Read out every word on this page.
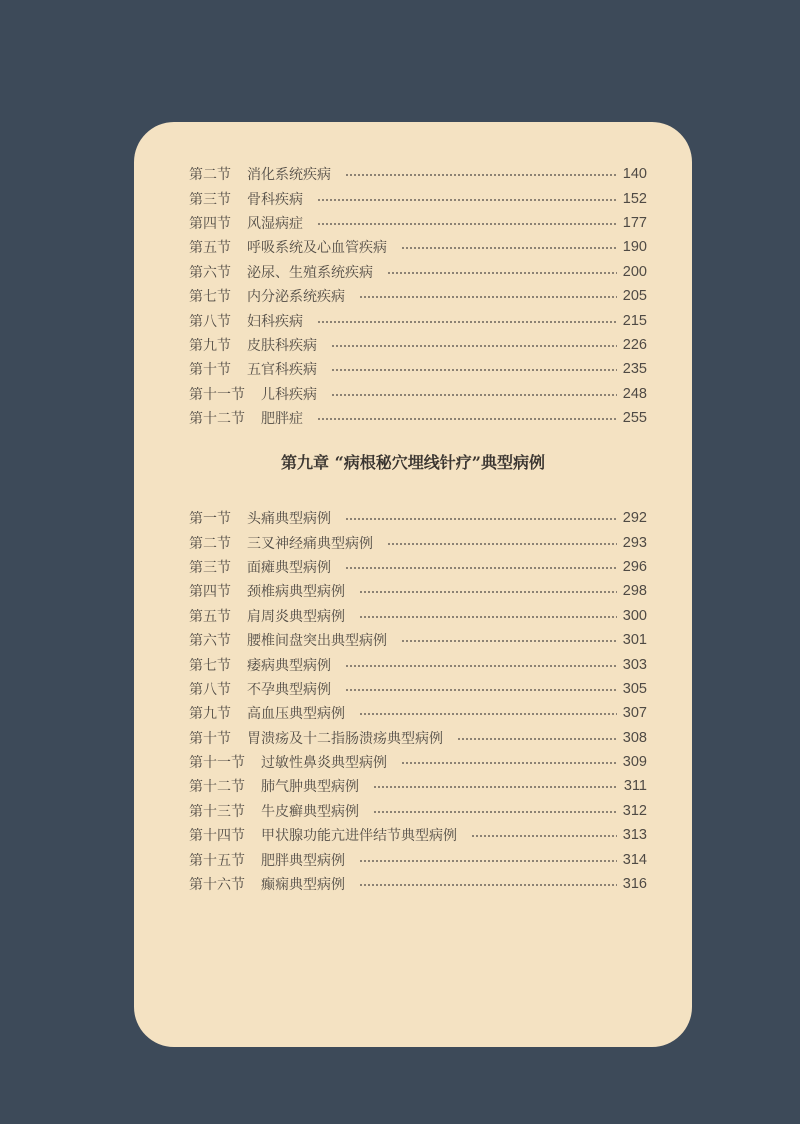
第二节 消化系统疾病	140
第三节 骨科疾病	152
第四节 风湿病症	177
第五节 呼吸系统及心血管疾病	190
第六节 泌尿、生殖系统疾病	200
第七节 内分泌系统疾病	205
第八节 妇科疾病	215
第九节 皮肤科疾病	226
第十节 五官科疾病	235
第十一节 儿科疾病	248
第十二节 肥胖症	255
第九章 “病根秘穴埋线针疗”典型病例
第一节 头痛典型病例	292
第二节 三叉神经痛典型病例	293
第三节 面瘫典型病例	296
第四节 颈椎病典型病例	298
第五节 肩周炎典型病例	300
第六节 腰椎间盘突出典型病例	301
第七节 痿病典型病例	303
第八节 不孕典型病例	305
第九节 高血压典型病例	307
第十节 胃溃疡及十二指肠溃疡典型病例	308
第十一节 过敏性鼻炎典型病例	309
第十二节 肺气肿典型病例	311
第十三节 牛皮癣典型病例	312
第十四节 甲状腺功能亢进伴结节典型病例	313
第十五节 肥胖典型病例	314
第十六节 癫痫典型病例	316
